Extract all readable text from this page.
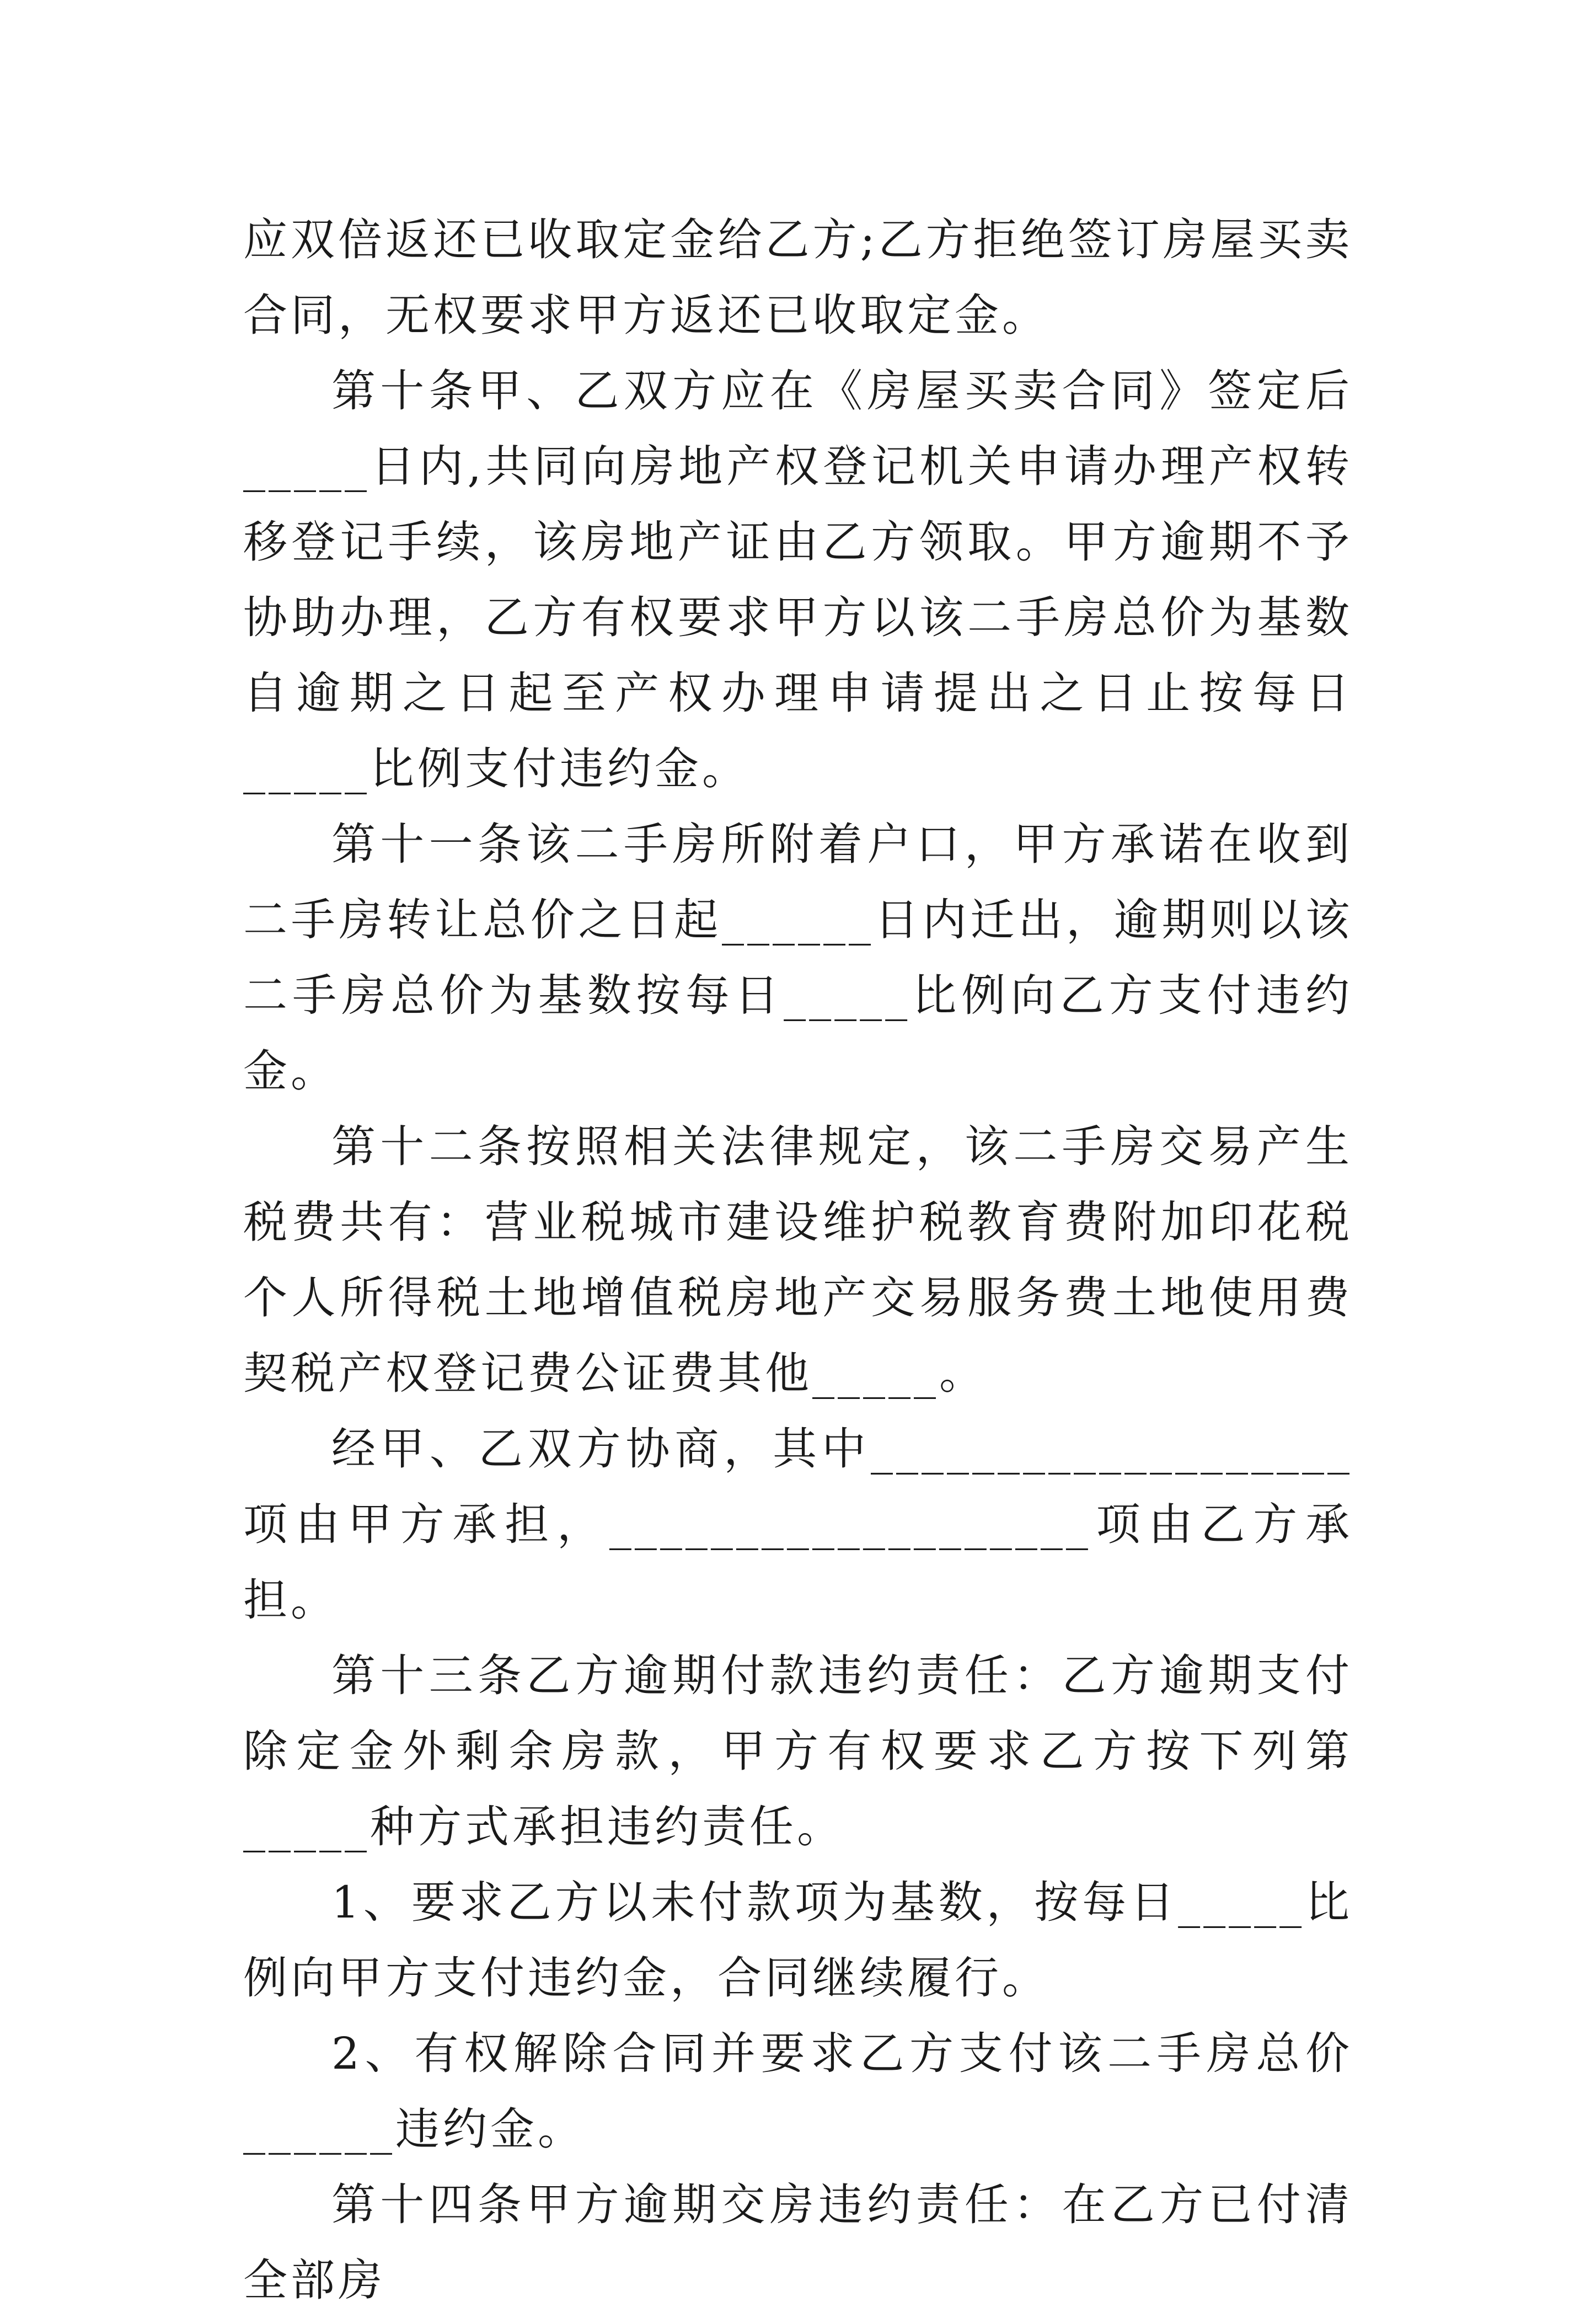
应双倍返还已收取定金给乙方;乙方拒绝签订房屋买卖合同，无权要求甲方返还已收取定金。

第十条甲、乙双方应在《房屋买卖合同》签定后_____日内,共同向房地产权登记机关申请办理产权转移登记手续，该房地产证由乙方领取。甲方逾期不予协助办理，乙方有权要求甲方以该二手房总价为基数自逾期之日起至产权办理申请提出之日止按每日_____比例支付违约金。

第十一条该二手房所附着户口，甲方承诺在收到二手房转让总价之日起______日内迁出，逾期则以该二手房总价为基数按每日_____比例向乙方支付违约金。

第十二条按照相关法律规定，该二手房交易产生税费共有：营业税城市建设维护税教育费附加印花税个人所得税土地增值税房地产交易服务费土地使用费契税产权登记费公证费其他_____。

经甲、乙双方协商，其中___________________项由甲方承担，___________________项由乙方承担。

第十三条乙方逾期付款违约责任：乙方逾期支付除定金外剩余房款，甲方有权要求乙方按下列第_____种方式承担违约责任。

1、要求乙方以未付款项为基数，按每日_____比例向甲方支付违约金，合同继续履行。

2、有权解除合同并要求乙方支付该二手房总价______违约金。

第十四条甲方逾期交房违约责任：在乙方已付清全部房
